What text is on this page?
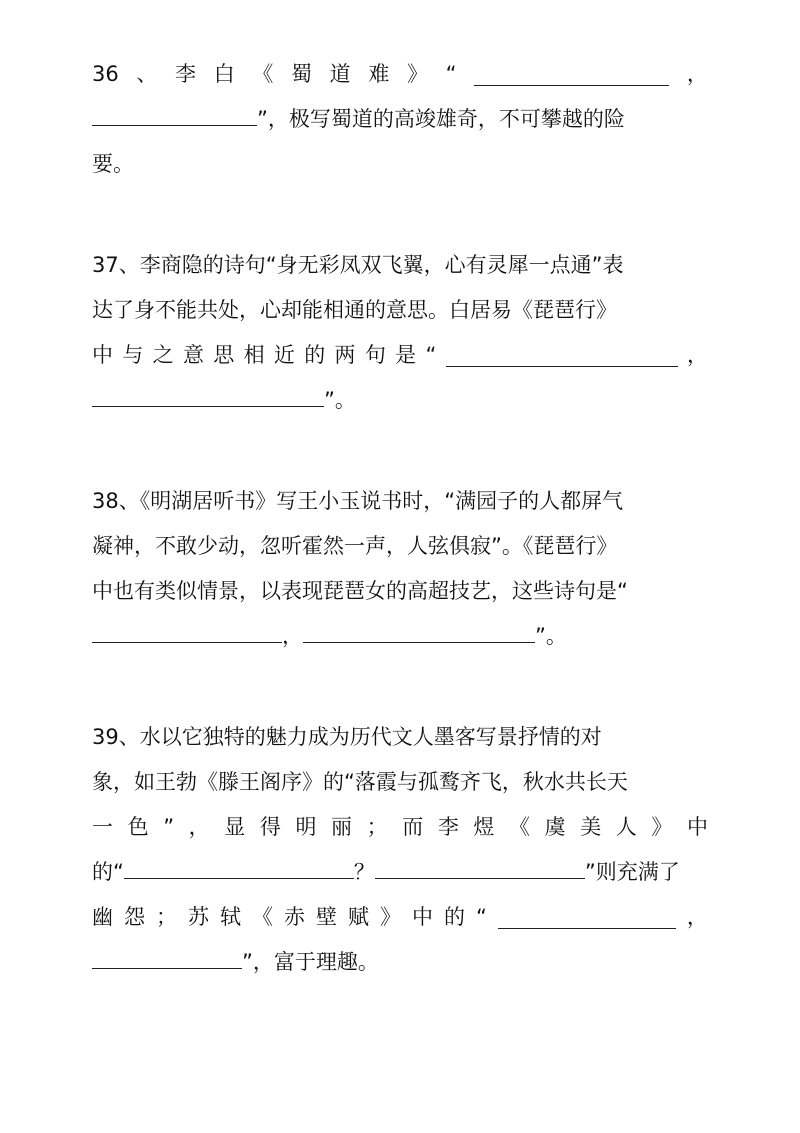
36 、 李 白 《 蜀 道 难 》 “	，
”，极写蜀道的高竣雄奇，不可攀越的险
要。
37、李商隐的诗句“身无彩凤双飞翼，心有灵犀一点通”表
达了身不能共处，心却能相通的意思。白居易《琵琶行》
中 与 之 意 思 相 近 的 两 句 是 “	，
”。
38、《明湖居听书》写王小玉说书时，“满园子的人都屏气
凝神，不敢少动，忽听霍然一声，人弦俱寂”。《琵琶行》
中也有类似情景，以表现琵琶女的高超技艺，这些诗句是“
，	”。
39、水以它独特的魅力成为历代文人墨客写景抒情的对
象，如王勃《滕王阁序》的“落霞与孤鹜齐飞，秋水共长天
一 色 ” ， 显 得 明 丽 ； 而 李 煜 《 虞 美 人 》 中
的“	？	”则充满了
幽 怨 ； 苏 轼 《 赤 壁 赋 》 中 的 “	，
”，富于理趣。
